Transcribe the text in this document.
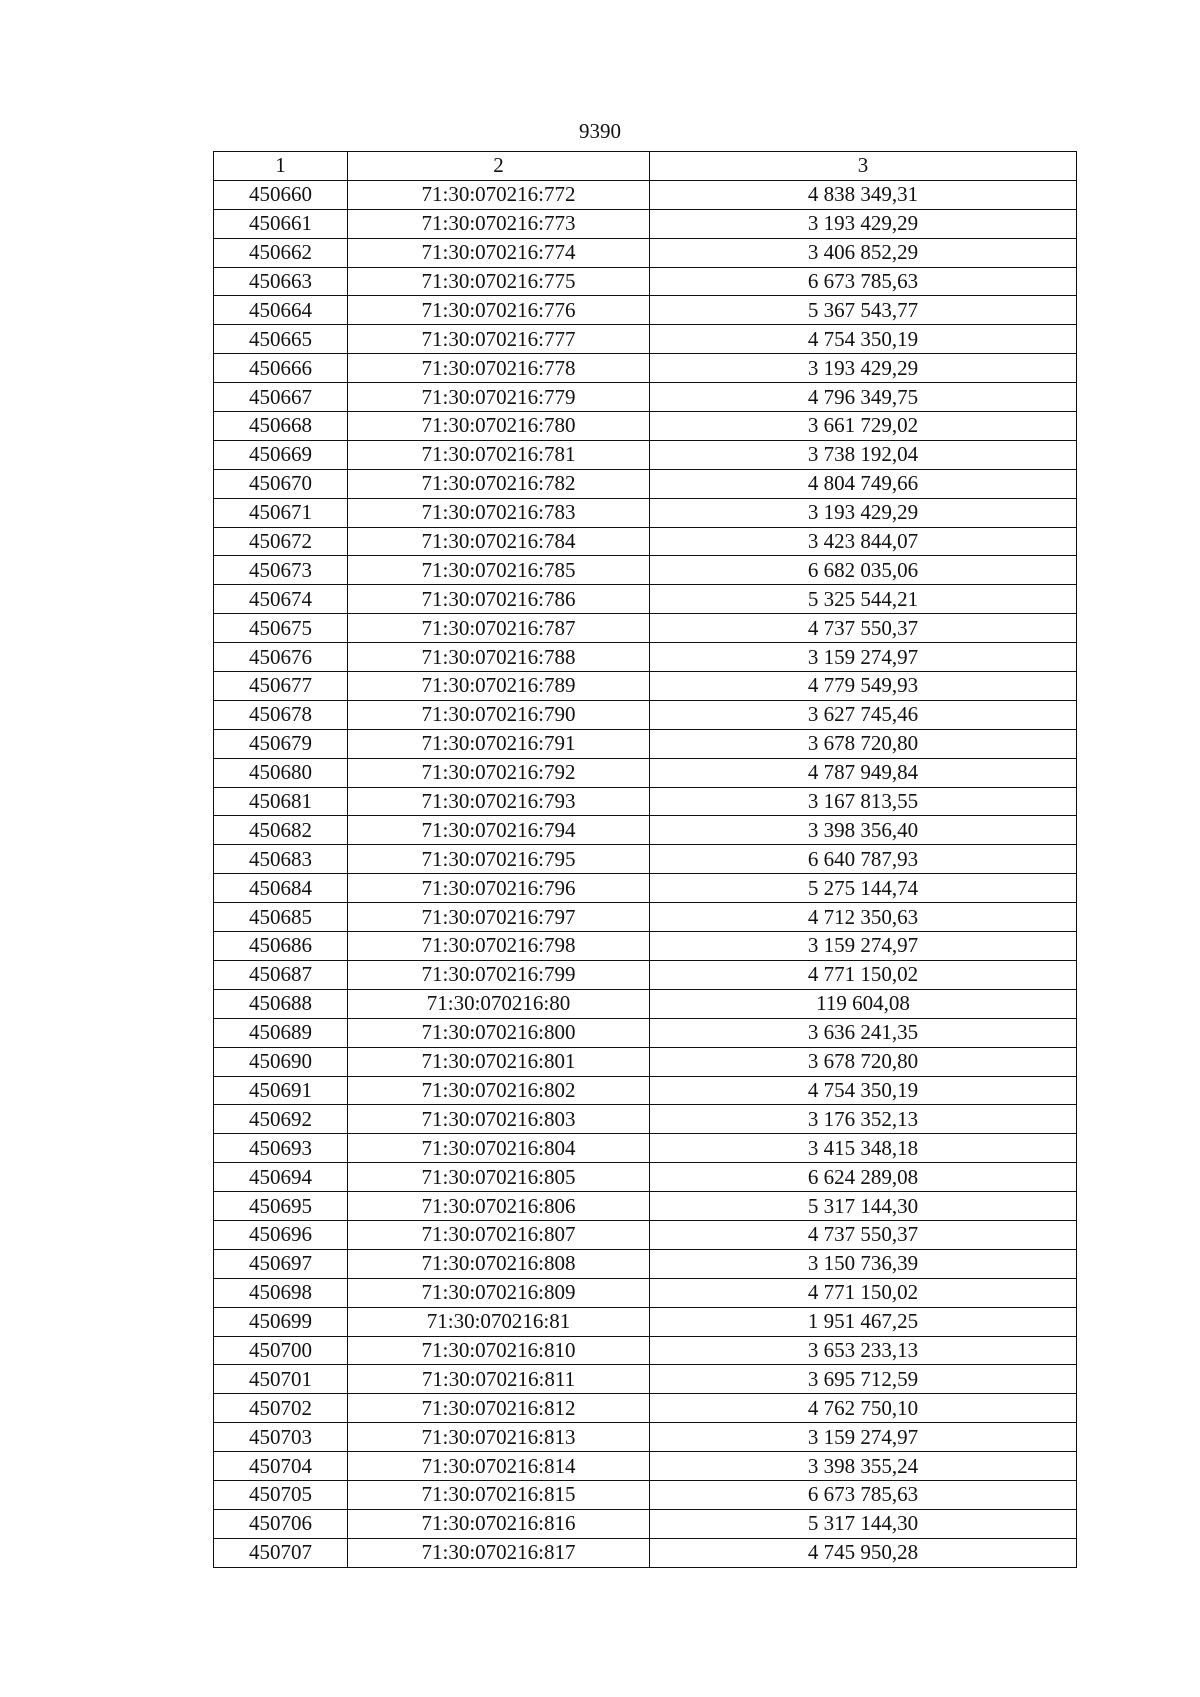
9390
1	2	3
450660	71:30:070216:772	4 838 349,31
450661	71:30:070216:773	3 193 429,29
450662	71:30:070216:774	3 406 852,29
450663	71:30:070216:775	6 673 785,63
450664	71:30:070216:776	5 367 543,77
450665	71:30:070216:777	4 754 350,19
450666	71:30:070216:778	3 193 429,29
450667	71:30:070216:779	4 796 349,75
450668	71:30:070216:780	3 661 729,02
450669	71:30:070216:781	3 738 192,04
450670	71:30:070216:782	4 804 749,66
450671	71:30:070216:783	3 193 429,29
450672	71:30:070216:784	3 423 844,07
450673	71:30:070216:785	6 682 035,06
450674	71:30:070216:786	5 325 544,21
450675	71:30:070216:787	4 737 550,37
450676	71:30:070216:788	3 159 274,97
450677	71:30:070216:789	4 779 549,93
450678	71:30:070216:790	3 627 745,46
450679	71:30:070216:791	3 678 720,80
450680	71:30:070216:792	4 787 949,84
450681	71:30:070216:793	3 167 813,55
450682	71:30:070216:794	3 398 356,40
450683	71:30:070216:795	6 640 787,93
450684	71:30:070216:796	5 275 144,74
450685	71:30:070216:797	4 712 350,63
450686	71:30:070216:798	3 159 274,97
450687	71:30:070216:799	4 771 150,02
450688	71:30:070216:80	119 604,08
450689	71:30:070216:800	3 636 241,35
450690	71:30:070216:801	3 678 720,80
450691	71:30:070216:802	4 754 350,19
450692	71:30:070216:803	3 176 352,13
450693	71:30:070216:804	3 415 348,18
450694	71:30:070216:805	6 624 289,08
450695	71:30:070216:806	5 317 144,30
450696	71:30:070216:807	4 737 550,37
450697	71:30:070216:808	3 150 736,39
450698	71:30:070216:809	4 771 150,02
450699	71:30:070216:81	1 951 467,25
450700	71:30:070216:810	3 653 233,13
450701	71:30:070216:811	3 695 712,59
450702	71:30:070216:812	4 762 750,10
450703	71:30:070216:813	3 159 274,97
450704	71:30:070216:814	3 398 355,24
450705	71:30:070216:815	6 673 785,63
450706	71:30:070216:816	5 317 144,30
450707	71:30:070216:817	4 745 950,28
